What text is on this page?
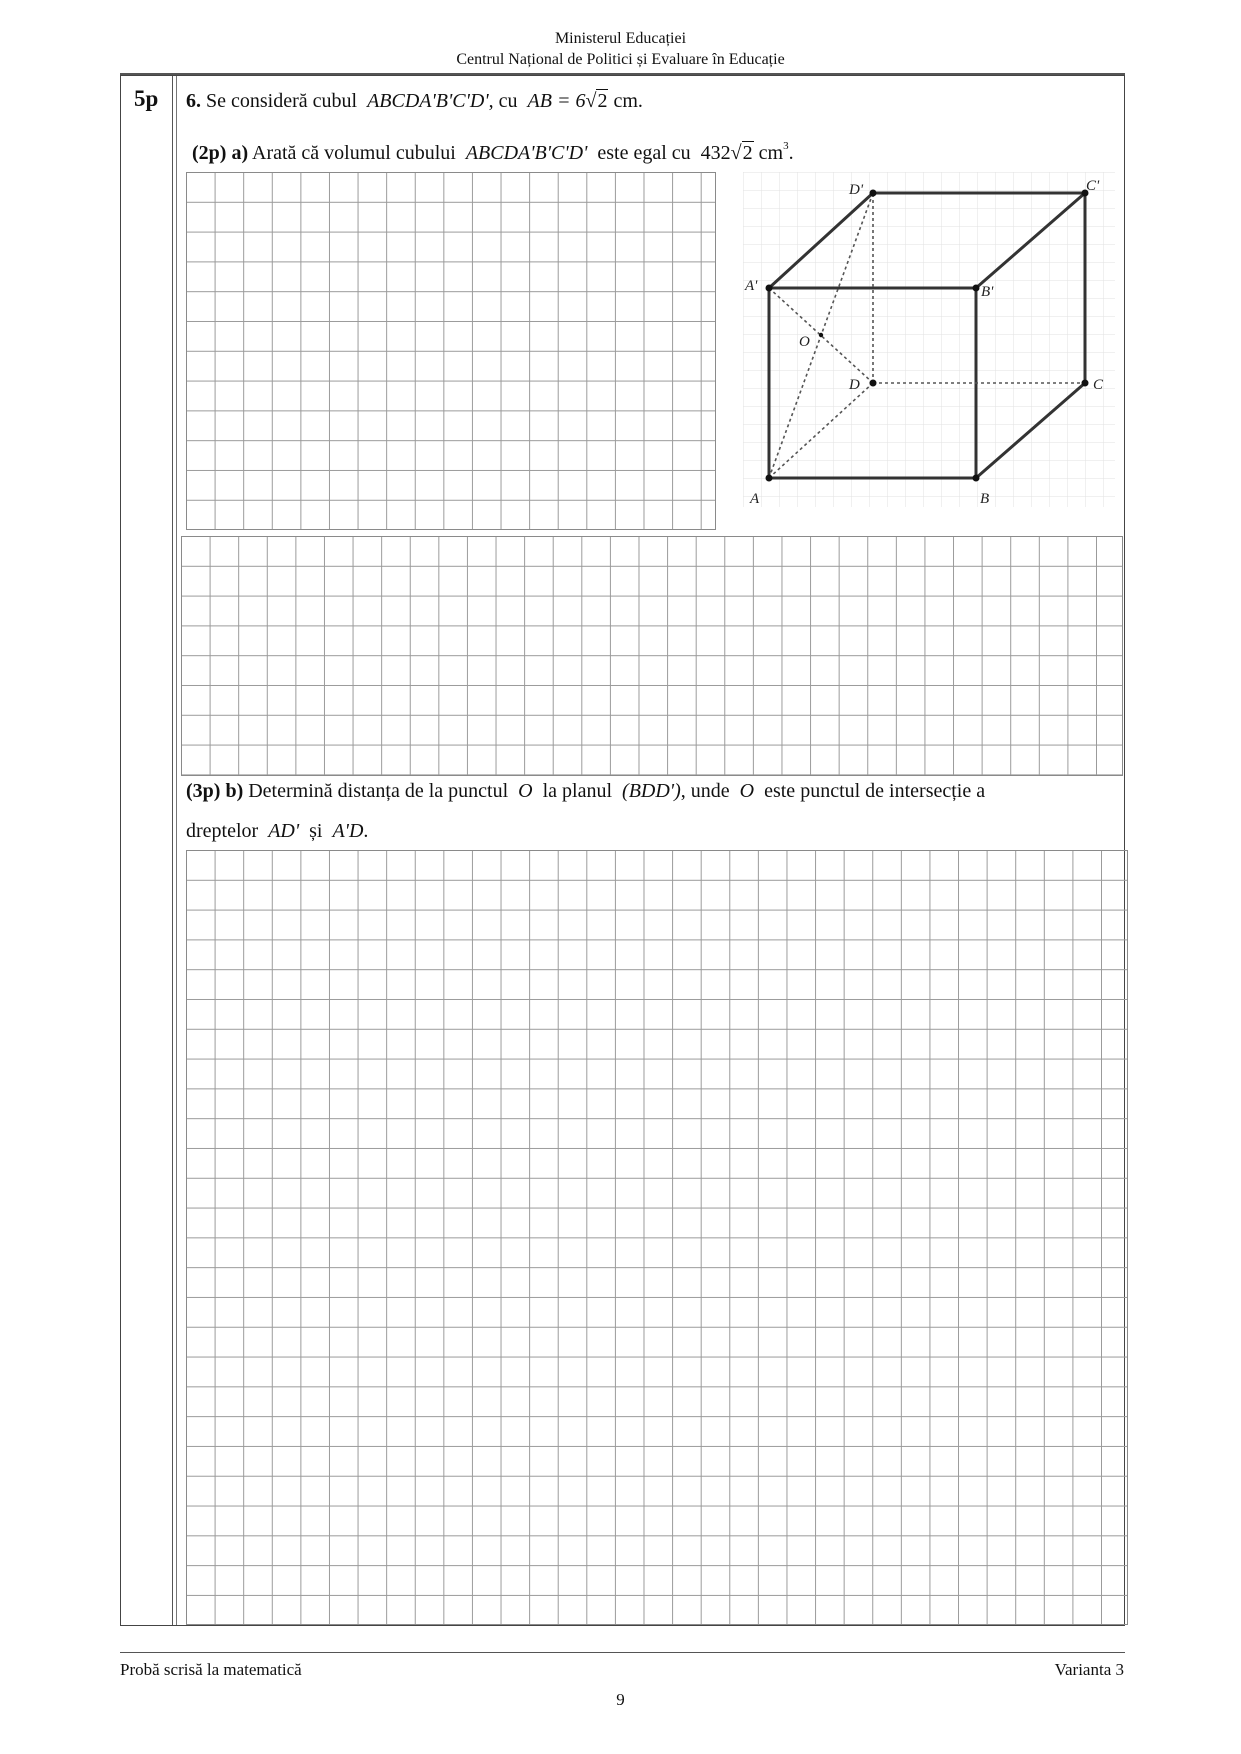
Ministerul Educației
Centrul Național de Politici și Evaluare în Educație
5p 6. Se consideră cubul ABCDA'B'C'D', cu AB = 6√2 cm.
(2p) a) Arată că volumul cubului ABCDA'B'C'D' este egal cu 432√2 $cm^3$.
A	B
C
D
A'	B'
C'
D'
O
(3p) b) Determină distanța de la punctul O la planul (BDD'), unde O este punctul de intersecție a
dreptelor AD' și A'D.
Probă scrisă la matematică	Varianta 3
9
